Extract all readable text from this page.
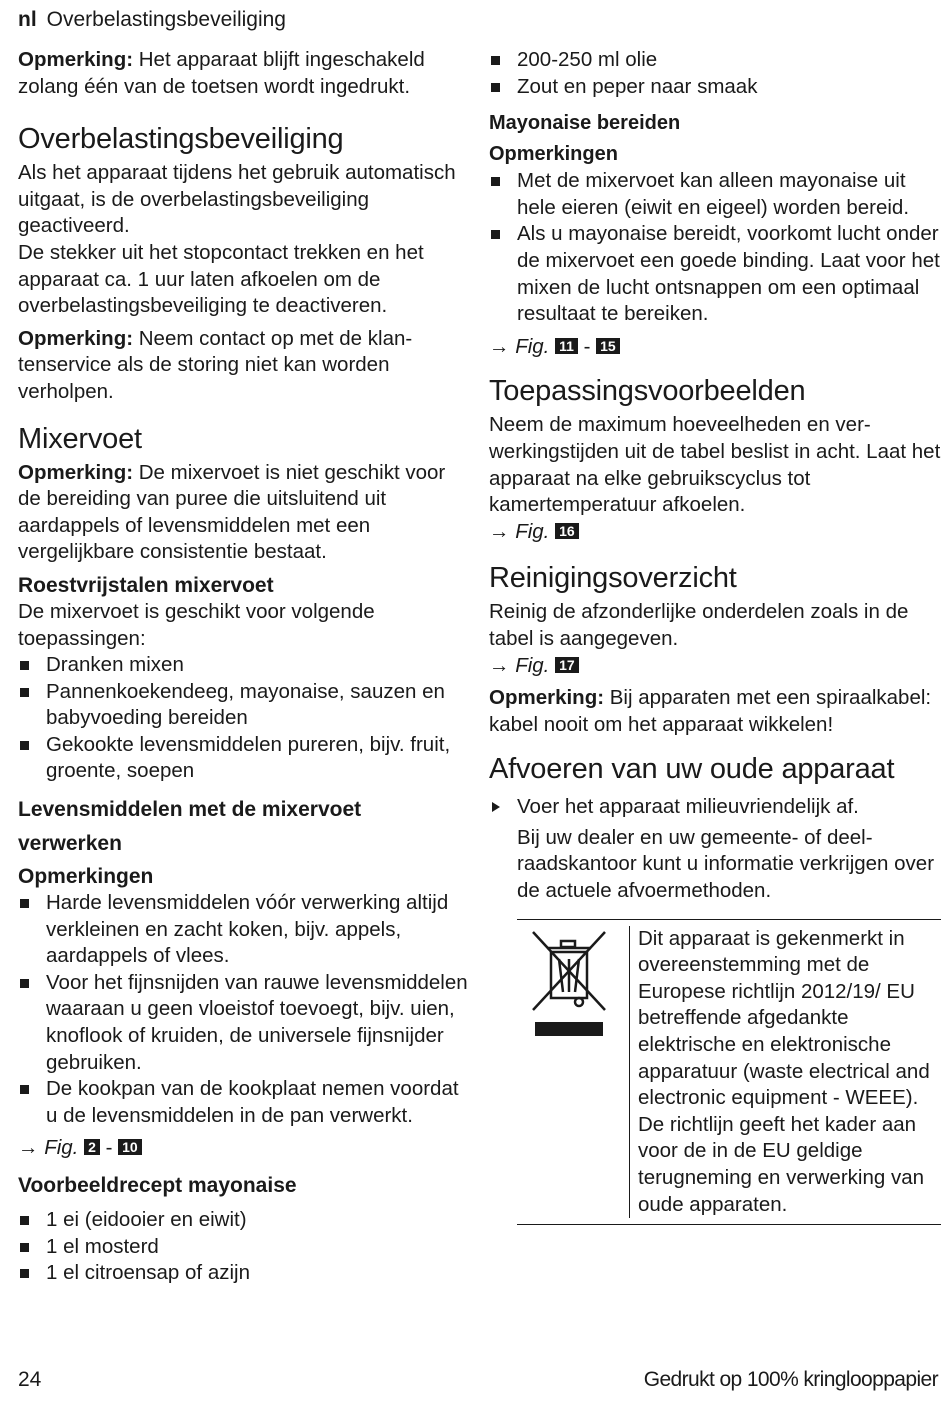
nl Overbelastingsbeveiliging

Opmerking: Het apparaat blijft ingeschakeld zolang één van de toetsen wordt ingedrukt.

Overbelastingsbeveiliging

Als het apparaat tijdens het gebruik automatisch uitgaat, is de overbelastingsbeveiliging geactiveerd.

De stekker uit het stopcontact trekken en het apparaat ca. 1 uur laten afkoelen om de overbelastingsbeveiliging te deactiveren.

Opmerking: Neem contact op met de klantenservice als de storing niet kan worden verholpen.

Mixervoet

Opmerking: De mixervoet is niet geschikt voor de bereiding van puree die uitsluitend uit aardappels of levensmiddelen met een vergelijkbare consistentie bestaat.

Roestvrijstalen mixervoet

De mixervoet is geschikt voor volgende toepassingen:

Dranken mixen
Pannenkoekendeeg, mayonaise, sauzen en babyvoeding bereiden
Gekookte levensmiddelen pureren, bijv. fruit, groente, soepen
Levensmiddelen met de mixervoet verwerken
Opmerkingen
Harde levensmiddelen vóór verwerking altijd verkleinen en zacht koken, bijv. appels, aardappels of vlees.
Voor het fijnsnijden van rauwe levensmiddelen waaraan u geen vloeistof toevoegt, bijv. uien, knoflook of kruiden, de universele fijnsnijder gebruiken.
De kookpan van de kookplaat nemen voordat u de levensmiddelen in de pan verwerkt.
→ Fig. 2 - 10
Voorbeeldrecept mayonaise
1 ei (eidooier en eiwit)
1 el mosterd
1 el citroensap of azijn
200-250 ml olie
Zout en peper naar smaak
Mayonaise bereiden
Opmerkingen
Met de mixervoet kan alleen mayonaise uit hele eieren (eiwit en eigeel) worden bereid.
Als u mayonaise bereidt, voorkomt lucht onder de mixervoet een goede binding. Laat voor het mixen de lucht ontsnappen om een optimaal resultaat te bereiken.
→ Fig. 11 - 15
Toepassingsvoorbeelden

Neem de maximum hoeveelheden en verwerkingstijden uit de tabel beslist in acht. Laat het apparaat na elke gebruikscyclus tot kamertemperatuur afkoelen.

→ Fig. 16
Reinigingsoverzicht

Reinig de afzonderlijke onderdelen zoals in de tabel is aangegeven.

→ Fig. 17

Opmerking: Bij apparaten met een spiraalkabel: kabel nooit om het apparaat wikkelen!

Afvoeren van uw oude apparaat
Voer het apparaat milieuvriendelijk af.

Bij uw dealer en uw gemeente- of deelraadskantoor kunt u informatie verkrijgen over de actuele afvoermethoden.

Dit apparaat is gekenmerkt in overeenstemming met de Europese richtlijn 2012/19/ EU betreffende afgedankte elektrische en elektronische apparatuur (waste electrical and electronic equipment - WEEE).

De richtlijn geeft het kader aan voor de in de EU geldige terugneming en verwerking van oude apparaten.

24	Gedrukt op 100% kringlooppapier
